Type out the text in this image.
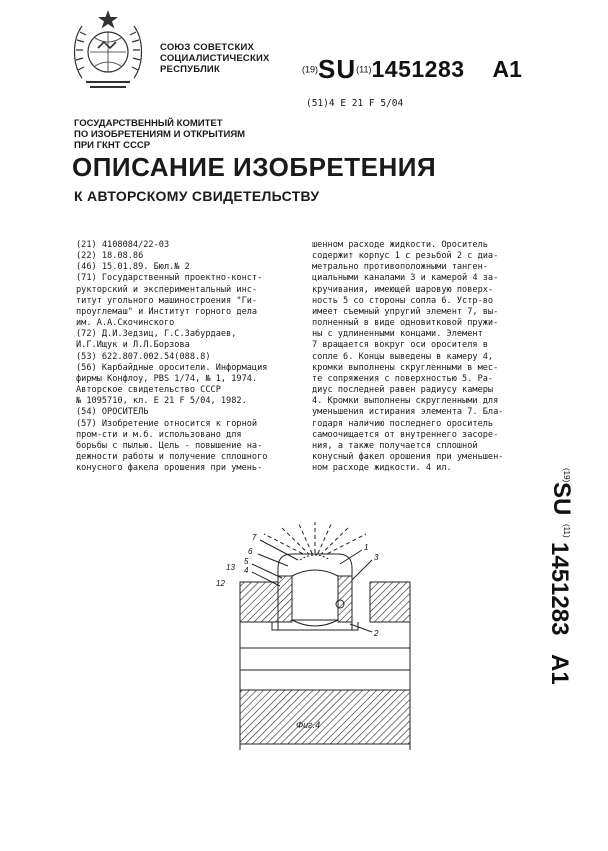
СОЮЗ СОВЕТСКИХ
СОЦИАЛИСТИЧЕСКИХ
РЕСПУБЛИК	(19)SU(11)1451283 A1
(51)4 E 21 F 5/04
ГОСУДАРСТВЕННЫЙ КОМИТЕТ
ПО ИЗОБРЕТЕНИЯМ И ОТКРЫТИЯМ
ПРИ ГКНТ СССР
ОПИСАНИЕ ИЗОБРЕТЕНИЯ
К АВТОРСКОМУ СВИДЕТЕЛЬСТВУ
(21) 4108084/22-03
(22) 18.08.86
(46) 15.01.89. Бюл.№ 2
(71) Государственный проектно-конст-
рукторский и экспериментальный инс-
титут угольного машиностроения "Ги-
проуглемаш" и Институт горного дела
им. А.А.Скочинского
(72) Д.И.Зедзиц, Г.С.Забурдаев,
И.Г.Ищук и Л.Л.Борзова
(53) 622.807.002.54(088.8)
(56) Карбайдные оросители. Информация
фирмы Конфлоу, PBS 1/74, № 1, 1974.
Авторское свидетельство СССР
№ 1095710, кл. Е 21 F 5/04, 1982.
(54) ОРОСИТЕЛЬ
(57) Изобретение относится к горной
пром-сти и м.б. использовано для
борьбы с пылью. Цель - повышение на-
дежности работы и получение сплошного
конусного факела орошения при умень-
шенном расходе жидкости. Ороситель
содержит корпус 1 с резьбой 2 с диа-
метрально противоположными танген-
циальными каналами 3 и камерой 4 за-
кручивания, имеющей шаровую поверх-
ность 5 со стороны сопла 6. Устр-во
имеет съемный упругий элемент 7, вы-
полненный в виде одновитковой пружи-
ны с удлиненными концами. Элемент
7 вращается вокруг оси оросителя в
сопле 6. Концы выведены в камеру 4,
кромки выполнены скругленными в мес-
те сопряжения с поверхностью 5. Ра-
диус последней равен радиусу камеры
4. Кромки выполнены скругленными для
уменьшения истирания элемента 7. Бла-
годаря наличию последнего ороситель
самоочищается от внутреннего засоре-
ния, а также получается сплошной
конусный факел орошения при уменьшен-
ном расходе жидкости. 4 ил.	(19)
SU
(11)
1451283
A1
7
6
5
4
13
12
1
3
2
Фиг.4
